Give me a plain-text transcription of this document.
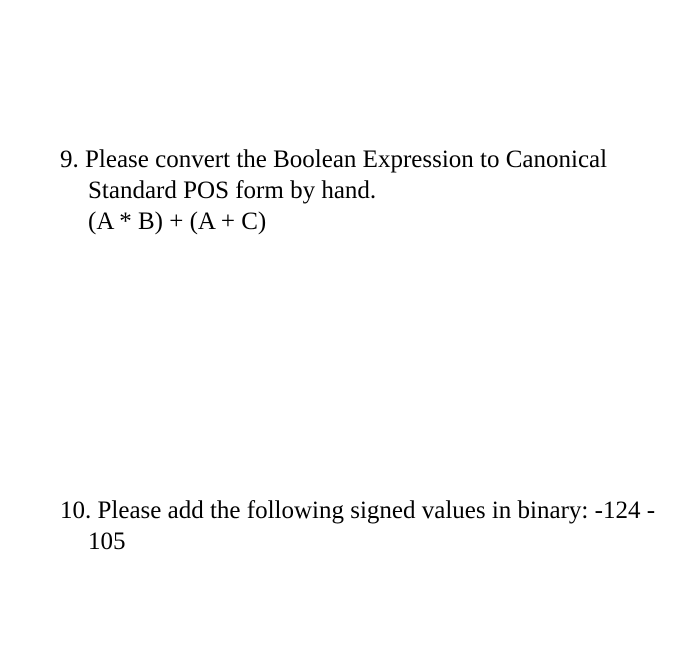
9. Please convert the Boolean Expression to Canonical
Standard POS form by hand.
(A * B) + (A + C)
10. Please add the following signed values in binary: -124 -
105
